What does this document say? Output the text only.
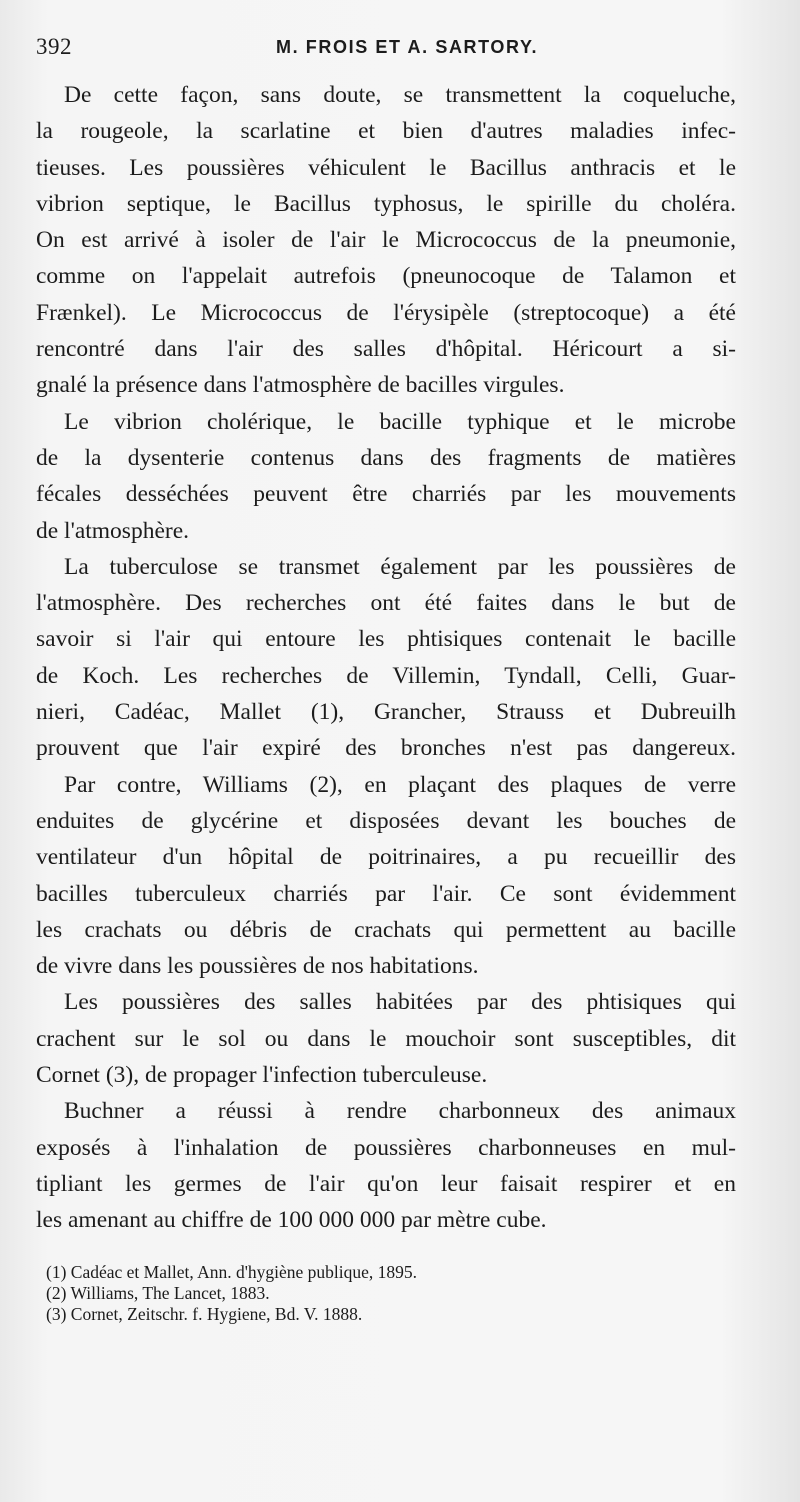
392	M. FROIS ET A. SARTORY.
De cette façon, sans doute, se transmettent la coqueluche,
la rougeole, la scarlatine et bien d'autres maladies infec-
tieuses. Les poussières véhiculent le Bacillus anthracis et le
vibrion septique, le Bacillus typhosus, le spirille du choléra.
On est arrivé à isoler de l'air le Micrococcus de la pneumonie,
comme on l'appelait autrefois (pneunocoque de Talamon et
Frænkel). Le Micrococcus de l'érysipèle (streptocoque) a été
rencontré dans l'air des salles d'hôpital. Héricourt a si-
gnalé la présence dans l'atmosphère de bacilles virgules.
Le vibrion cholérique, le bacille typhique et le microbe
de la dysenterie contenus dans des fragments de matières
fécales desséchées peuvent être charriés par les mouvements
de l'atmosphère.
La tuberculose se transmet également par les poussières de
l'atmosphère. Des recherches ont été faites dans le but de
savoir si l'air qui entoure les phtisiques contenait le bacille
de Koch. Les recherches de Villemin, Tyndall, Celli, Guar-
nieri, Cadéac, Mallet (1), Grancher, Strauss et Dubreuilh
prouvent que l'air expiré des bronches n'est pas dangereux.
Par contre, Williams (2), en plaçant des plaques de verre
enduites de glycérine et disposées devant les bouches de
ventilateur d'un hôpital de poitrinaires, a pu recueillir des
bacilles tuberculeux charriés par l'air. Ce sont évidemment
les crachats ou débris de crachats qui permettent au bacille
de vivre dans les poussières de nos habitations.
Les poussières des salles habitées par des phtisiques qui
crachent sur le sol ou dans le mouchoir sont susceptibles, dit
Cornet (3), de propager l'infection tuberculeuse.
Buchner a réussi à rendre charbonneux des animaux
exposés à l'inhalation de poussières charbonneuses en mul-
tipliant les germes de l'air qu'on leur faisait respirer et en
les amenant au chiffre de 100 000 000 par mètre cube.
(1) Cadéac et Mallet, Ann. d'hygiène publique, 1895.
(2) Williams, The Lancet, 1883.
(3) Cornet, Zeitschr. f. Hygiene, Bd. V. 1888.
